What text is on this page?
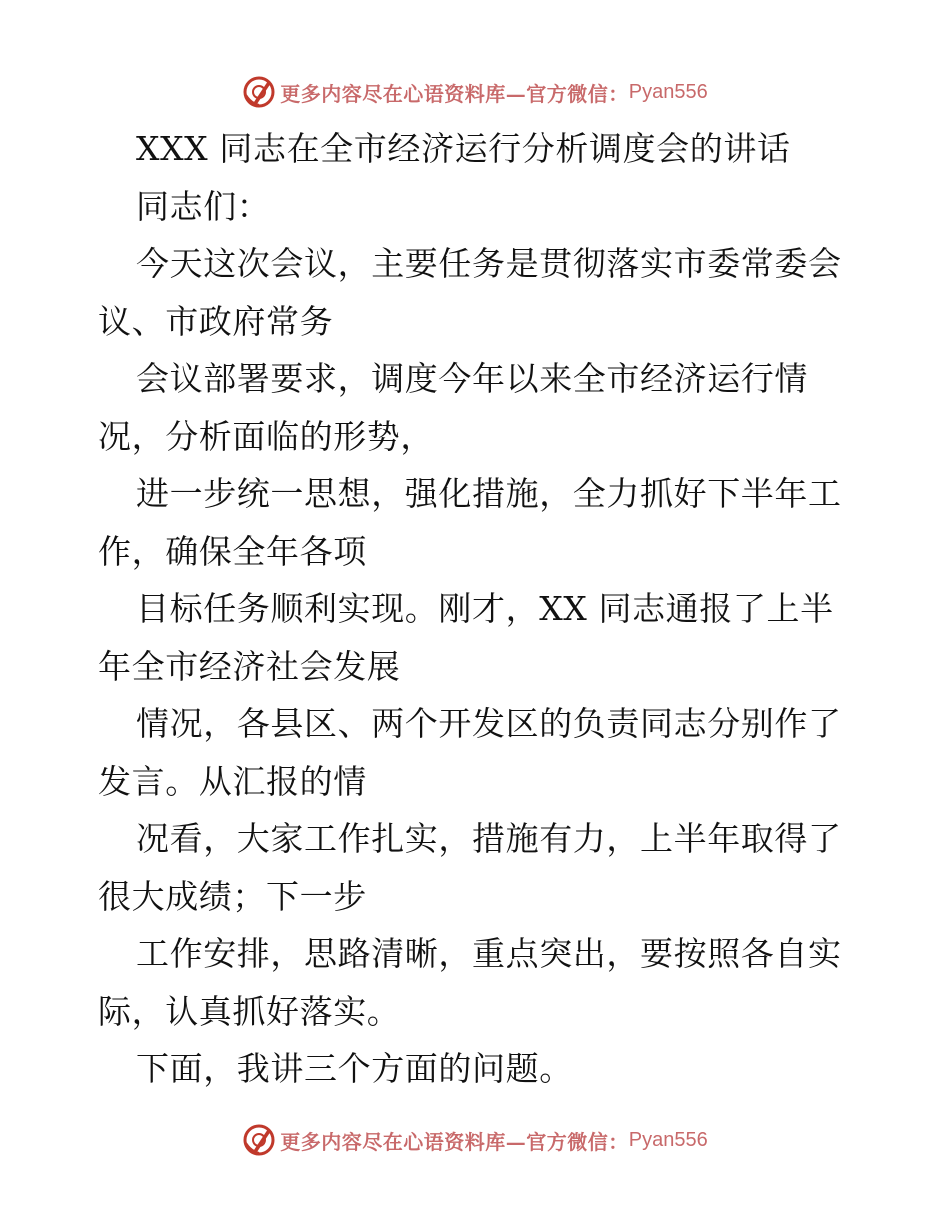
更多内容尽在心语资料库—官方微信： Pyan556
XXX 同志在全市经济运行分析调度会的讲话
同志们：
今天这次会议，主要任务是贯彻落实市委常委会
议、市政府常务
会议部署要求，调度今年以来全市经济运行情
况，分析面临的形势，
进一步统一思想，强化措施，全力抓好下半年工
作，确保全年各项
目标任务顺利实现。刚才，XX 同志通报了上半
年全市经济社会发展
情况，各县区、两个开发区的负责同志分别作了
发言。从汇报的情
况看，大家工作扎实，措施有力，上半年取得了
很大成绩；下一步
工作安排，思路清晰，重点突出，要按照各自实
际，认真抓好落实。
下面，我讲三个方面的问题。
更多内容尽在心语资料库—官方微信： Pyan556
